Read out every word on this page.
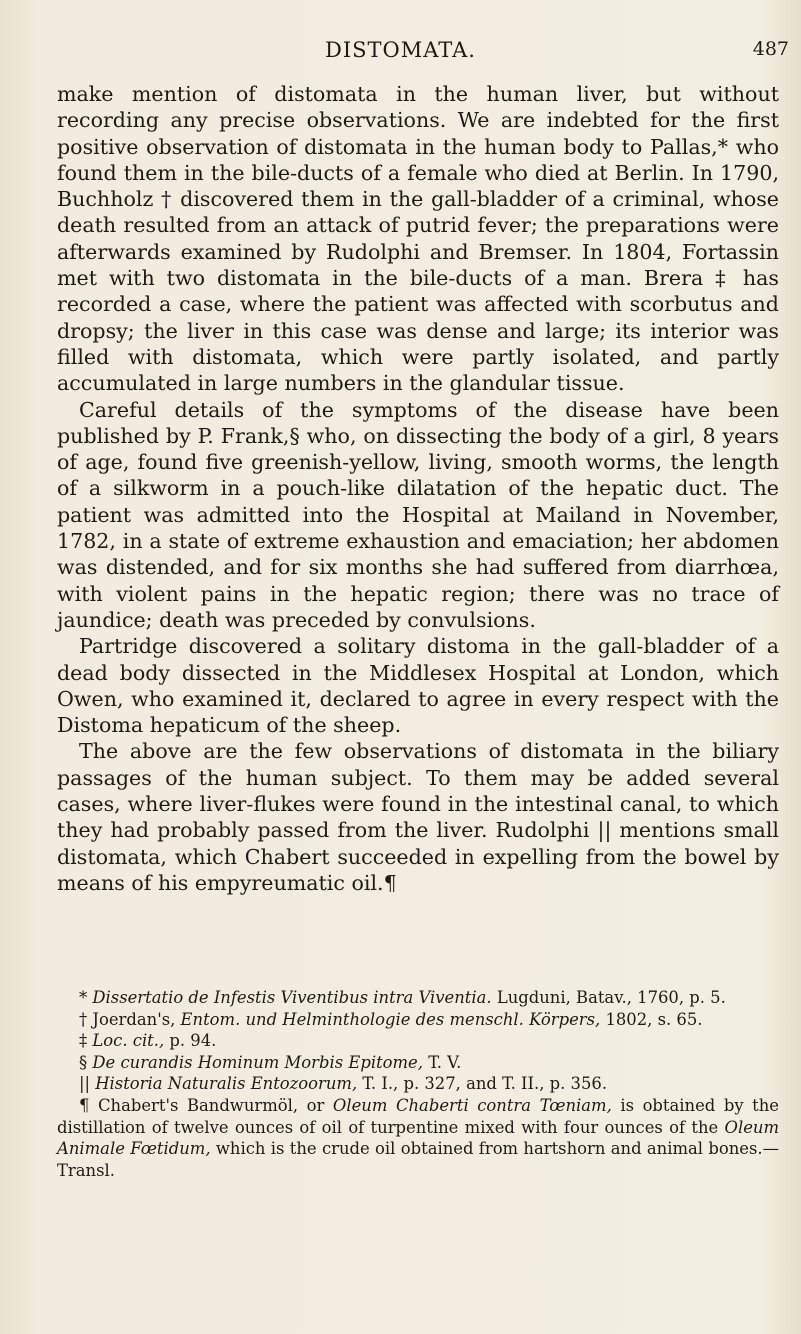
DISTOMATA.	487

make mention of distomata in the human liver, but without recording any precise observations. We are indebted for the first positive observation of distomata in the human body to Pallas,* who found them in the bile-ducts of a female who died at Berlin. In 1790, Buchholz † discovered them in the gall-bladder of a criminal, whose death resulted from an attack of putrid fever; the preparations were afterwards examined by Rudolphi and Bremser. In 1804, Fortassin met with two distomata in the bile-ducts of a man. Brera ‡ has recorded a case, where the patient was affected with scorbutus and dropsy; the liver in this case was dense and large; its interior was filled with distomata, which were partly isolated, and partly accumulated in large numbers in the glandular tissue.

Careful details of the symptoms of the disease have been published by P. Frank,§ who, on dissecting the body of a girl, 8 years of age, found five greenish-yellow, living, smooth worms, the length of a silkworm in a pouch-like dilatation of the hepatic duct. The patient was admitted into the Hospital at Mailand in November, 1782, in a state of extreme exhaustion and emaciation; her abdomen was distended, and for six months she had suffered from diarrhœa, with violent pains in the hepatic region; there was no trace of jaundice; death was preceded by convulsions.

Partridge discovered a solitary distoma in the gall-bladder of a dead body dissected in the Middlesex Hospital at London, which Owen, who examined it, declared to agree in every respect with the Distoma hepaticum of the sheep.

The above are the few observations of distomata in the biliary passages of the human subject. To them may be added several cases, where liver-flukes were found in the intestinal canal, to which they had probably passed from the liver. Rudolphi || mentions small distomata, which Chabert succeeded in expelling from the bowel by means of his empyreumatic oil.¶

* Dissertatio de Infestis Viventibus intra Viventia. Lugduni, Batav., 1760, p. 5.

† Joerdan's, Entom. und Helminthologie des menschl. Körpers, 1802, s. 65.

‡ Loc. cit., p. 94.

§ De curandis Hominum Morbis Epitome, T. V.

|| Historia Naturalis Entozoorum, T. I., p. 327, and T. II., p. 356.

¶ Chabert's Bandwurmöl, or Oleum Chaberti contra Tœniam, is obtained by the distillation of twelve ounces of oil of turpentine mixed with four ounces of the Oleum Animale Fœtidum, which is the crude oil obtained from hartshorn and animal bones.—Transl.
